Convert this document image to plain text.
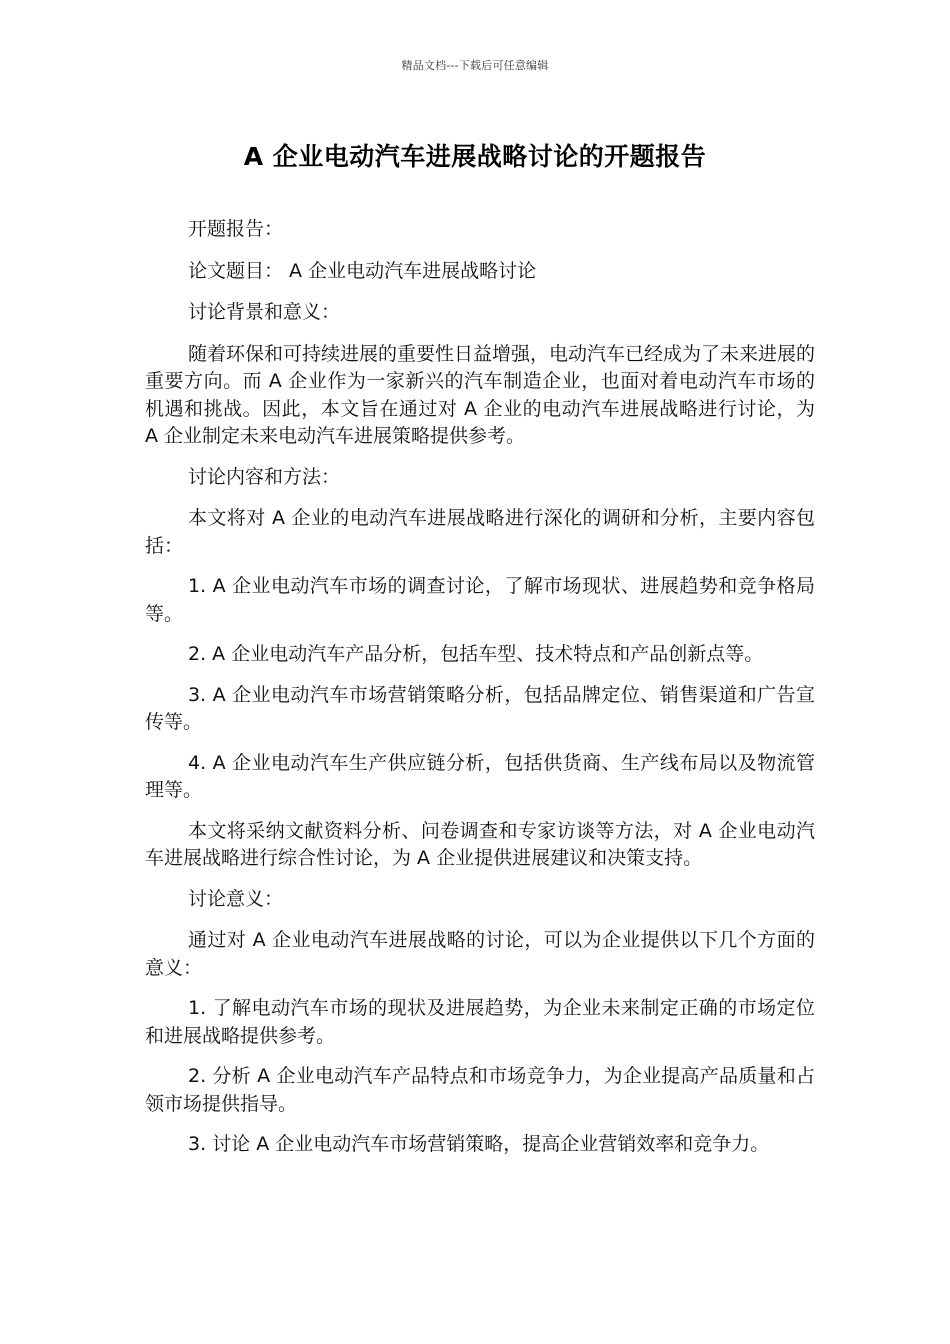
精品文档---下载后可任意编辑
A 企业电动汽车进展战略讨论的开题报告

开题报告：

论文题目： A 企业电动汽车进展战略讨论

讨论背景和意义：

随着环保和可持续进展的重要性日益增强，电动汽车已经成为了未来进展的重要方向。而 A 企业作为一家新兴的汽车制造企业，也面对着电动汽车市场的机遇和挑战。因此，本文旨在通过对 A 企业的电动汽车进展战略进行讨论，为 A 企业制定未来电动汽车进展策略提供参考。

讨论内容和方法：

本文将对 A 企业的电动汽车进展战略进行深化的调研和分析，主要内容包括：

1. A 企业电动汽车市场的调查讨论，了解市场现状、进展趋势和竞争格局等。

2. A 企业电动汽车产品分析，包括车型、技术特点和产品创新点等。

3. A 企业电动汽车市场营销策略分析，包括品牌定位、销售渠道和广告宣传等。

4. A 企业电动汽车生产供应链分析，包括供货商、生产线布局以及物流管理等。

本文将采纳文献资料分析、问卷调查和专家访谈等方法，对 A 企业电动汽车进展战略进行综合性讨论，为 A 企业提供进展建议和决策支持。

讨论意义：

通过对 A 企业电动汽车进展战略的讨论，可以为企业提供以下几个方面的意义：

1. 了解电动汽车市场的现状及进展趋势，为企业未来制定正确的市场定位和进展战略提供参考。

2. 分析 A 企业电动汽车产品特点和市场竞争力，为企业提高产品质量和占领市场提供指导。

3. 讨论 A 企业电动汽车市场营销策略，提高企业营销效率和竞争力。
